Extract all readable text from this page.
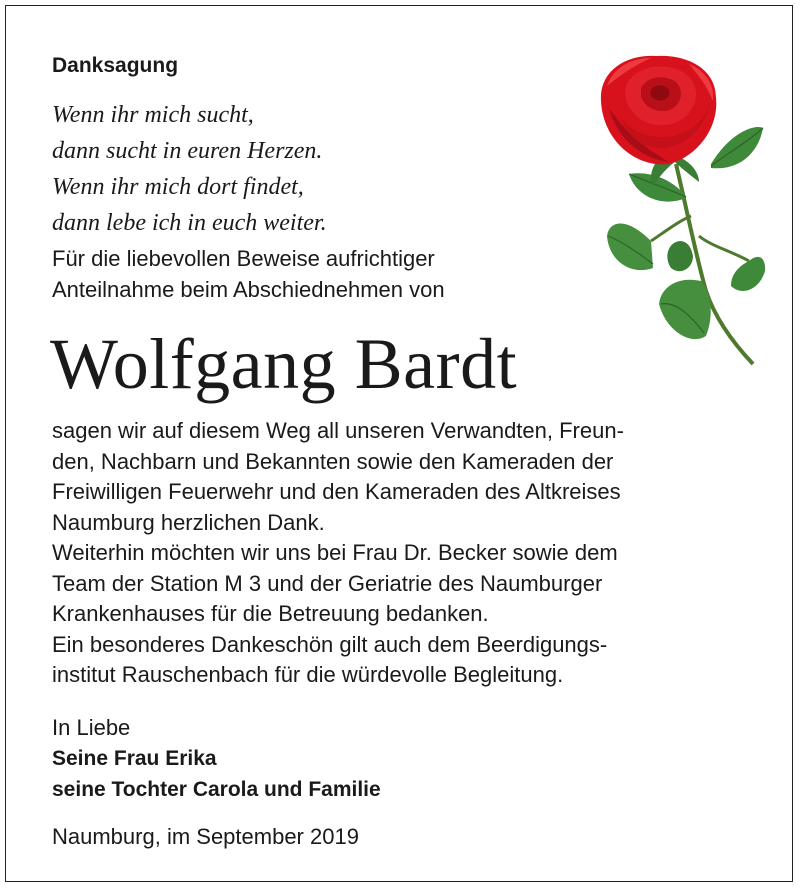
Danksagung
Wenn ihr mich sucht,
dann sucht in euren Herzen.
Wenn ihr mich dort findet,
dann lebe ich in euch weiter.
Für die liebevollen Beweise aufrichtiger
Anteilnahme beim Abschiednehmen von
Wolfgang Bardt
sagen wir auf diesem Weg all unseren Verwandten, Freun-
den, Nachbarn und Bekannten sowie den Kameraden der
Freiwilligen Feuerwehr und den Kameraden des Altkreises
Naumburg herzlichen Dank.
Weiterhin möchten wir uns bei Frau Dr. Becker sowie dem
Team der Station M 3 und der Geriatrie des Naumburger
Krankenhauses für die Betreuung bedanken.
Ein besonderes Dankeschön gilt auch dem Beerdigungs-
institut Rauschenbach für die würdevolle Begleitung.
In Liebe
Seine Frau Erika
seine Tochter Carola und Familie
Naumburg, im September 2019
